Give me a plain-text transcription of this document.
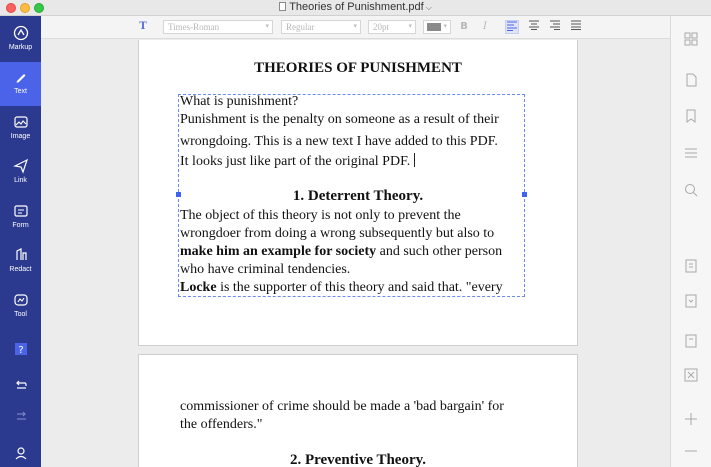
Theories of Punishment.pdf ⌵
Markup
Text
Image
Link
Form
Redact
Tool
?
T	Times-Roman	▾	Regular	▾	20pt	▾	▾	B	I
THEORIES OF PUNISHMENT
What is punishment?
Punishment is the penalty on someone as a result of their
wrongdoing. This is a new text I have added to this PDF.
It looks just like part of the original PDF.
1. Deterrent Theory.
The object of this theory is not only to prevent the
wrongdoer from doing a wrong subsequently but also to
make him an example for society and such other person
who have criminal tendencies.
Locke is the supporter of this theory and said that. "every
commissioner of crime should be made a 'bad bargain' for
the offenders."
2. Preventive Theory.
